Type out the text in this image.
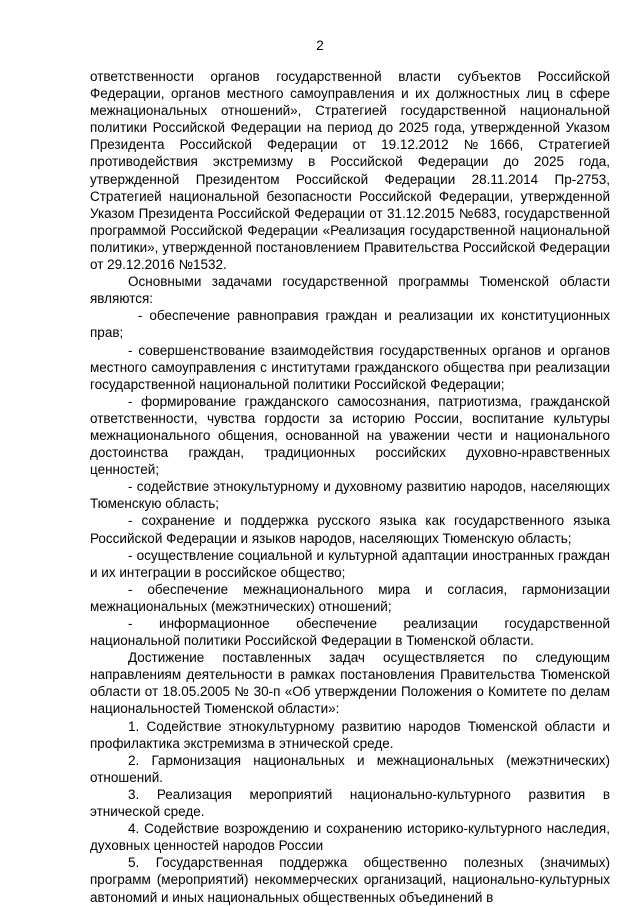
2

ответственности органов государственной власти субъектов Российской Федерации, органов местного самоуправления и их должностных лиц в сфере межнациональных отношений», Стратегией государственной национальной политики Российской Федерации на период до 2025 года, утвержденной Указом Президента Российской Федерации от 19.12.2012 №1666, Стратегией противодействия экстремизму в Российской Федерации до 2025 года, утвержденной Президентом Российской Федерации 28.11.2014 Пр-2753, Стратегией национальной безопасности Российской Федерации, утвержденной Указом Президента Российской Федерации от 31.12.2015 №683, государственной программой Российской Федерации «Реализация государственной национальной политики», утвержденной постановлением Правительства Российской Федерации от 29.12.2016 №1532.

Основными задачами государственной программы Тюменской области являются:

- обеспечение равноправия граждан и реализации их конституционных прав;

- совершенствование взаимодействия государственных органов и органов местного самоуправления с институтами гражданского общества при реализации государственной национальной политики Российской Федерации;

- формирование гражданского самосознания, патриотизма, гражданской ответственности, чувства гордости за историю России, воспитание культуры межнационального общения, основанной на уважении чести и национального достоинства граждан, традиционных российских духовно-нравственных ценностей;

- содействие этнокультурному и духовному развитию народов, населяющих Тюменскую область;

- сохранение и поддержка русского языка как государственного языка Российской Федерации и языков народов, населяющих Тюменскую область;

- осуществление социальной и культурной адаптации иностранных граждан и их интеграции в российское общество;

- обеспечение межнационального мира и согласия, гармонизации межнациональных (межэтнических) отношений;

- информационное обеспечение реализации государственной национальной политики Российской Федерации в Тюменской области.

Достижение поставленных задач осуществляется по следующим направлениям деятельности в рамках постановления Правительства Тюменской области от 18.05.2005 № 30-п «Об утверждении Положения о Комитете по делам национальностей Тюменской области»:

1. Содействие этнокультурному развитию народов Тюменской области и профилактика экстремизма в этнической среде.

2. Гармонизация национальных и межнациональных (межэтнических) отношений.

3. Реализация мероприятий национально-культурного развития в этнической среде.

4. Содействие возрождению и сохранению историко-культурного наследия, духовных ценностей народов России

5. Государственная поддержка общественно полезных (значимых) программ (мероприятий) некоммерческих организаций, национально-культурных автономий и иных национальных общественных объединений в
